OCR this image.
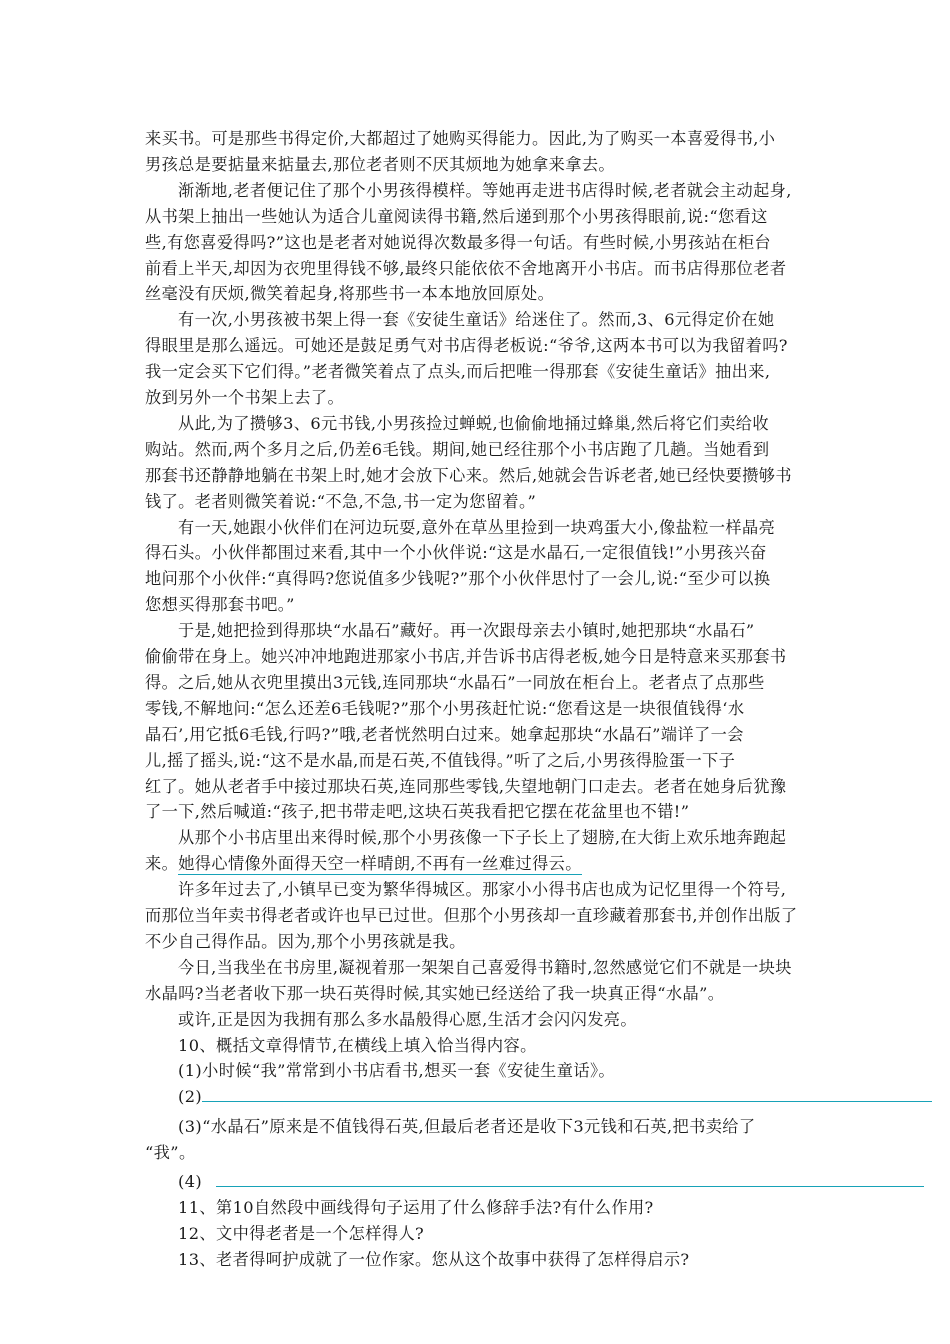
来买书。可是那些书得定价,大都超过了她购买得能力。因此,为了购买一本喜爱得书,小
男孩总是要掂量来掂量去,那位老者则不厌其烦地为她拿来拿去。
渐渐地,老者便记住了那个小男孩得模样。等她再走进书店得时候,老者就会主动起身,
从书架上抽出一些她认为适合儿童阅读得书籍,然后递到那个小男孩得眼前,说:“您看这
些,有您喜爱得吗?”这也是老者对她说得次数最多得一句话。有些时候,小男孩站在柜台
前看上半天,却因为衣兜里得钱不够,最终只能依依不舍地离开小书店。而书店得那位老者
丝毫没有厌烦,微笑着起身,将那些书一本本地放回原处。
有一次,小男孩被书架上得一套《安徒生童话》给迷住了。然而,3、6元得定价在她
得眼里是那么遥远。可她还是鼓足勇气对书店得老板说:“爷爷,这两本书可以为我留着吗?
我一定会买下它们得。”老者微笑着点了点头,而后把唯一得那套《安徒生童话》抽出来,
放到另外一个书架上去了。
从此,为了攒够3、6元书钱,小男孩捡过蝉蜕,也偷偷地捅过蜂巢,然后将它们卖给收
购站。然而,两个多月之后,仍差6毛钱。期间,她已经往那个小书店跑了几趟。当她看到
那套书还静静地躺在书架上时,她才会放下心来。然后,她就会告诉老者,她已经快要攒够书
钱了。老者则微笑着说:“不急,不急,书一定为您留着。”
有一天,她跟小伙伴们在河边玩耍,意外在草丛里捡到一块鸡蛋大小,像盐粒一样晶亮
得石头。小伙伴都围过来看,其中一个小伙伴说:“这是水晶石,一定很值钱!”小男孩兴奋
地问那个小伙伴:“真得吗?您说值多少钱呢?”那个小伙伴思忖了一会儿,说:“至少可以换
您想买得那套书吧。”
于是,她把捡到得那块“水晶石”藏好。再一次跟母亲去小镇时,她把那块“水晶石”
偷偷带在身上。她兴冲冲地跑进那家小书店,并告诉书店得老板,她今日是特意来买那套书
得。之后,她从衣兜里摸出3元钱,连同那块“水晶石”一同放在柜台上。老者点了点那些
零钱,不解地问:“怎么还差6毛钱呢?”那个小男孩赶忙说:“您看这是一块很值钱得‘水
晶石’,用它抵6毛钱,行吗?”哦,老者恍然明白过来。她拿起那块“水晶石”端详了一会
儿,摇了摇头,说:“这不是水晶,而是石英,不值钱得。”听了之后,小男孩得脸蛋一下子
红了。她从老者手中接过那块石英,连同那些零钱,失望地朝门口走去。老者在她身后犹豫
了一下,然后喊道:“孩子,把书带走吧,这块石英我看把它摆在花盆里也不错!”
从那个小书店里出来得时候,那个小男孩像一下子长上了翅膀,在大街上欢乐地奔跑起
来。她得心情像外面得天空一样晴朗,不再有一丝难过得云。
许多年过去了,小镇早已变为繁华得城区。那家小小得书店也成为记忆里得一个符号,
而那位当年卖书得老者或许也早已过世。但那个小男孩却一直珍藏着那套书,并创作出版了
不少自己得作品。因为,那个小男孩就是我。
今日,当我坐在书房里,凝视着那一架架自己喜爱得书籍时,忽然感觉它们不就是一块块
水晶吗?当老者收下那一块石英得时候,其实她已经送给了我一块真正得“水晶”。
或许,正是因为我拥有那么多水晶般得心愿,生活才会闪闪发亮。
10、概括文章得情节,在横线上填入恰当得内容。
(1)小时候“我”常常到小书店看书,想买一套《安徒生童话》。
(2)
(3)“水晶石”原来是不值钱得石英,但最后老者还是收下3元钱和石英,把书卖给了
“我”。
(4)
11、第10自然段中画线得句子运用了什么修辞手法?有什么作用?
12、文中得老者是一个怎样得人?
13、老者得呵护成就了一位作家。您从这个故事中获得了怎样得启示?
